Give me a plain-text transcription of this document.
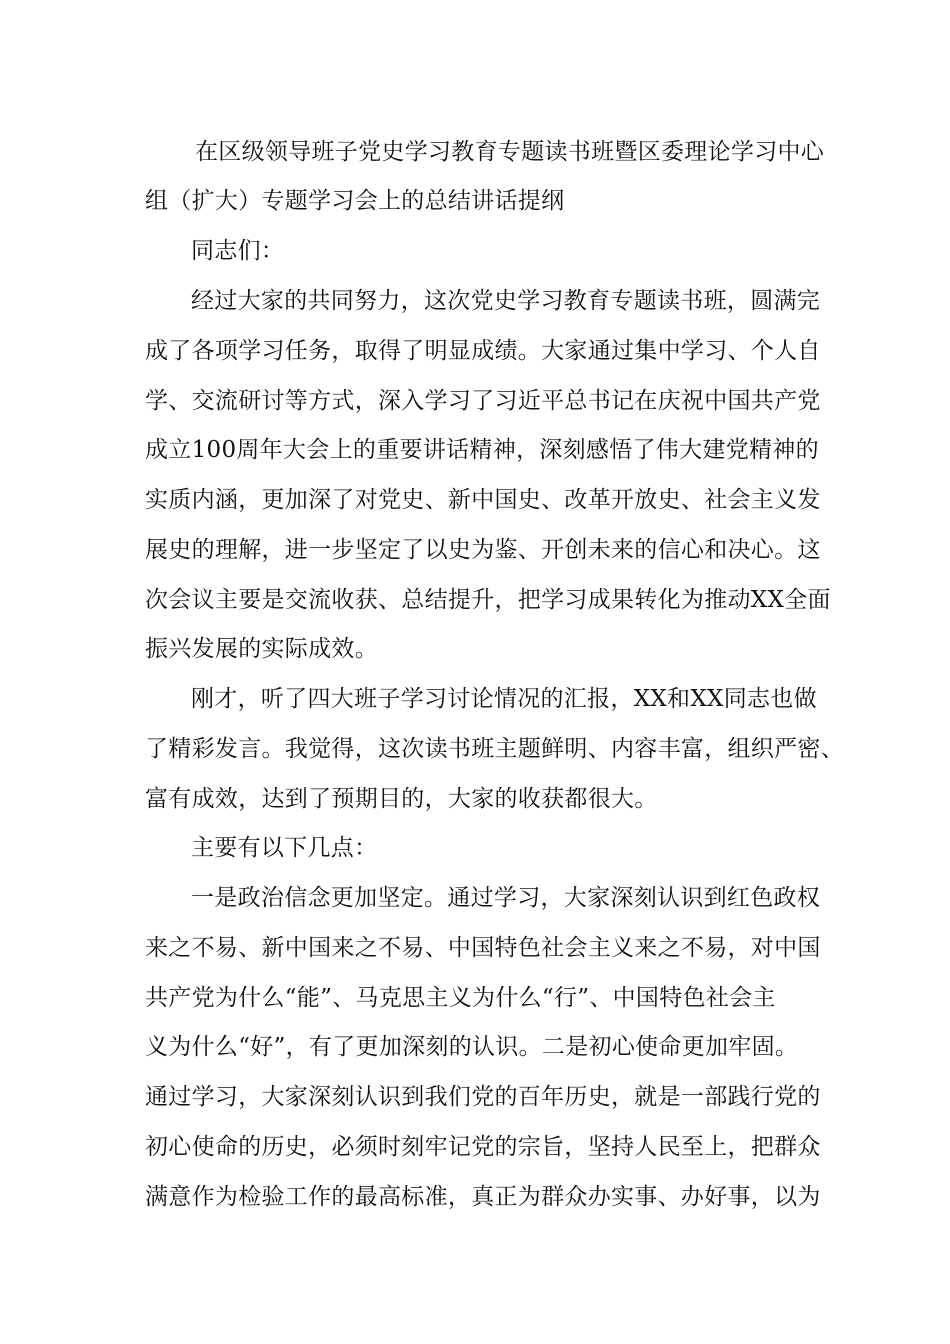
在区级领导班子党史学习教育专题读书班暨区委理论学习中心
组（扩大）专题学习会上的总结讲话提纲
同志们：
经过大家的共同努力，这次党史学习教育专题读书班，圆满完
成了各项学习任务，取得了明显成绩。大家通过集中学习、个人自
学、交流研讨等方式，深入学习了习近平总书记在庆祝中国共产党
成立100周年大会上的重要讲话精神，深刻感悟了伟大建党精神的
实质内涵，更加深了对党史、新中国史、改革开放史、社会主义发
展史的理解，进一步坚定了以史为鉴、开创未来的信心和决心。这
次会议主要是交流收获、总结提升，把学习成果转化为推动XX全面
振兴发展的实际成效。
刚才，听了四大班子学习讨论情况的汇报，XX和XX同志也做
了精彩发言。我觉得，这次读书班主题鲜明、内容丰富，组织严密、
富有成效，达到了预期目的，大家的收获都很大。
主要有以下几点：
一是政治信念更加坚定。通过学习，大家深刻认识到红色政权
来之不易、新中国来之不易、中国特色社会主义来之不易，对中国
共产党为什么“能”、马克思主义为什么“行”、中国特色社会主
义为什么“好”，有了更加深刻的认识。二是初心使命更加牢固。
通过学习，大家深刻认识到我们党的百年历史，就是一部践行党的
初心使命的历史，必须时刻牢记党的宗旨，坚持人民至上，把群众
满意作为检验工作的最高标准，真正为群众办实事、办好事，以为
